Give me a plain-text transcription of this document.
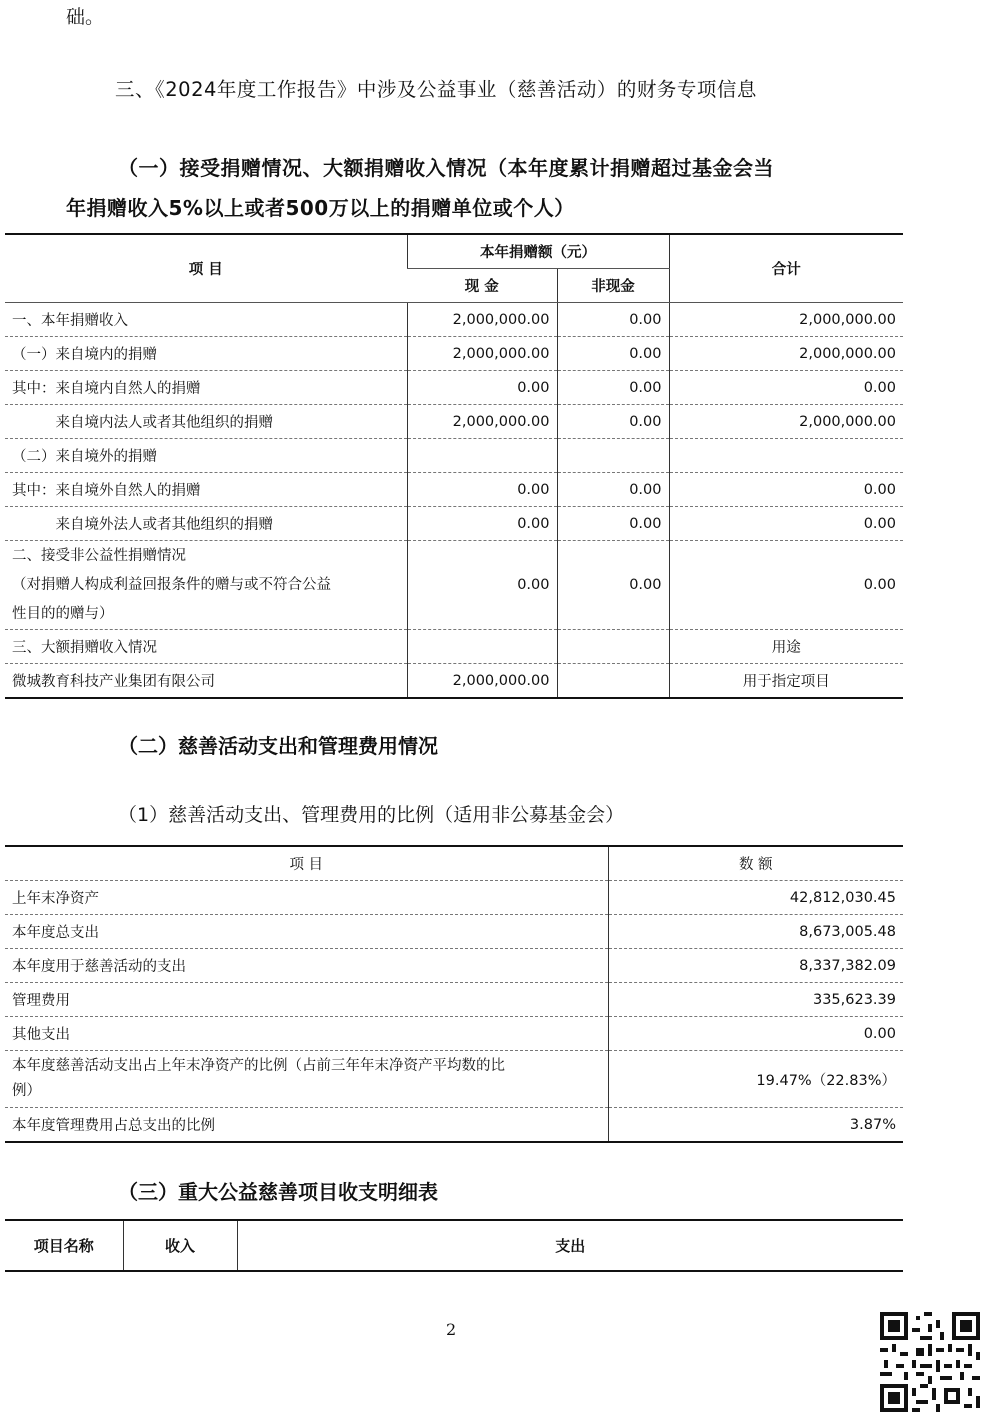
础。
三、《2024年度工作报告》中涉及公益事业（慈善活动）的财务专项信息
（一）接受捐赠情况、大额捐赠收入情况（本年度累计捐赠超过基金会当
年捐赠收入5%以上或者500万以上的捐赠单位或个人）
项 目	本年捐赠额（元）		合计
	现 金	非现金	
一、本年捐赠收入	2,000,000.00	0.00	2,000,000.00
（一）来自境内的捐赠	2,000,000.00	0.00	2,000,000.00
其中：来自境内自然人的捐赠	0.00	0.00	0.00
　　　来自境内法人或者其他组织的捐赠	2,000,000.00	0.00	2,000,000.00
（二）来自境外的捐赠			
其中：来自境外自然人的捐赠	0.00	0.00	0.00
　　　来自境外法人或者其他组织的捐赠	0.00	0.00	0.00
二、接受非公益性捐赠情况
（对捐赠人构成利益回报条件的赠与或不符合公益
性目的的赠与）	0.00	0.00	0.00
三、大额捐赠收入情况			用途
微城教育科技产业集团有限公司	2,000,000.00		用于指定项目
（二）慈善活动支出和管理费用情况
（1）慈善活动支出、管理费用的比例（适用非公募基金会）
项 目	数 额
上年末净资产	42,812,030.45
本年度总支出	8,673,005.48
本年度用于慈善活动的支出	8,337,382.09
管理费用	335,623.39
其他支出	0.00
本年度慈善活动支出占上年末净资产的比例（占前三年年末净资产平均数的比
例）	19.47%（22.83%）
本年度管理费用占总支出的比例	3.87%
（三）重大公益慈善项目收支明细表
项目名称	收入	支出
2
